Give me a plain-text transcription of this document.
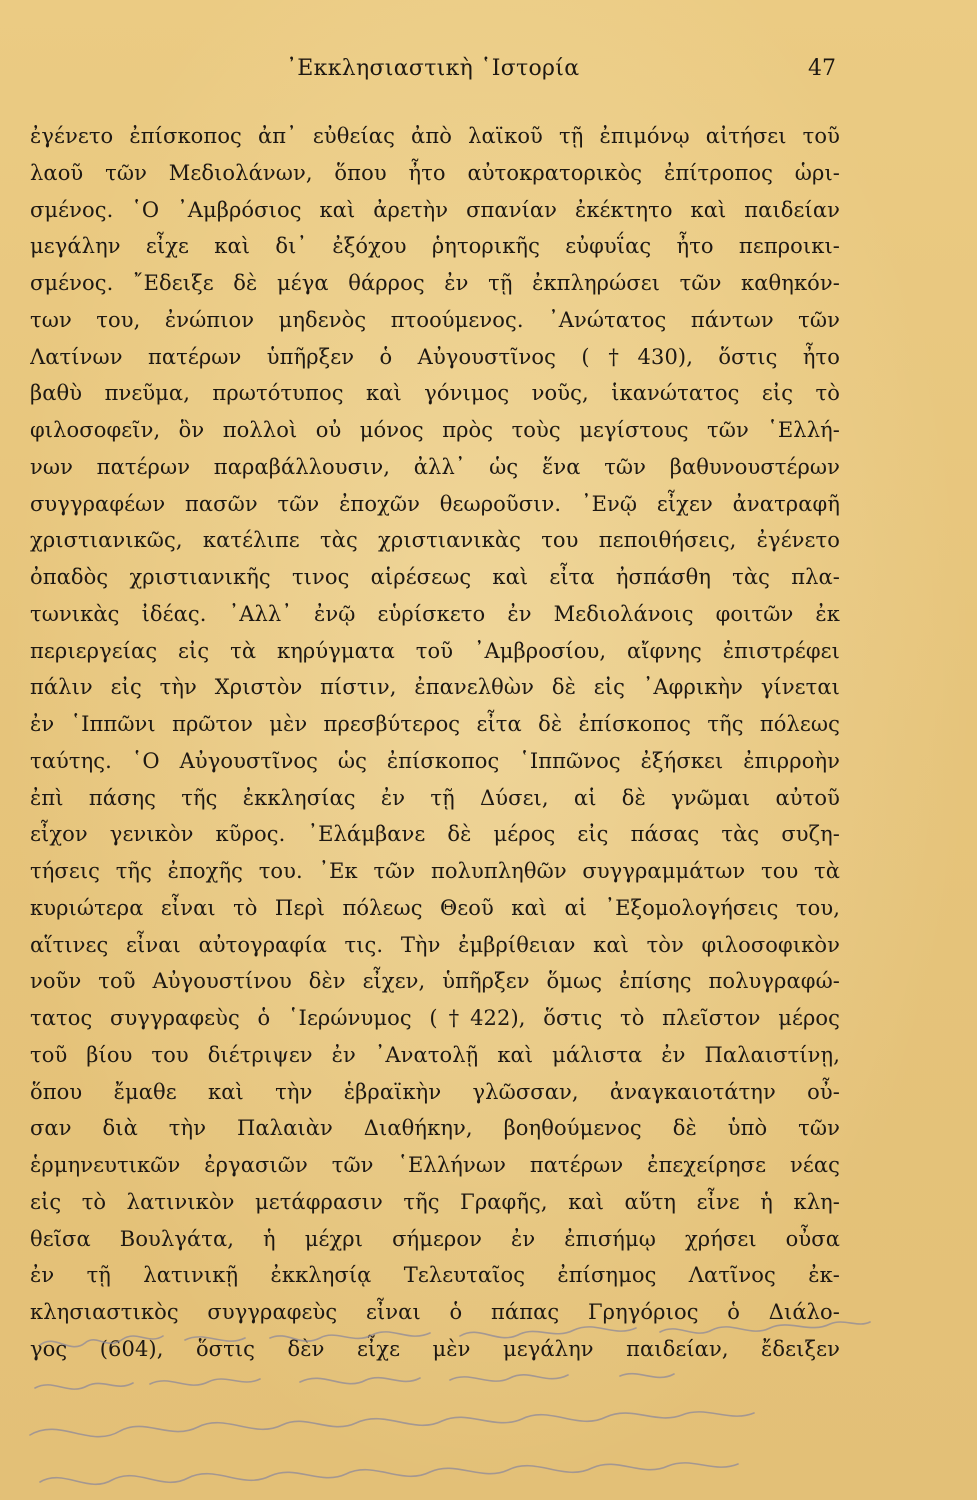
᾿Εκκλησιαστικὴ ῾Ιστορία	47
ἐγένετο ἐπίσκοπος ἀπ᾿ εὐθείας ἀπὸ λαϊκοῦ τῇ ἐπιμόνῳ αἰτήσει τοῦ
λαοῦ τῶν Μεδιολάνων, ὅπου ἦτο αὐτοκρατορικὸς ἐπίτροπος ὡρι-
σμένος. ῾Ο ᾿Αμβρόσιος καὶ ἀρετὴν σπανίαν ἐκέκτητο καὶ παιδείαν
μεγάλην εἶχε καὶ δι᾿ ἐξόχου ῥητορικῆς εὐφυΐας ἦτο πεπροικι-
σμένος. ῎Εδειξε δὲ μέγα θάρρος ἐν τῇ ἐκπληρώσει τῶν καθηκόν-
των του, ἐνώπιον μηδενὸς πτοούμενος. ᾿Ανώτατος πάντων τῶν
Λατίνων πατέρων ὑπῆρξεν ὁ Αὐγουστῖνος (†430), ὅστις ἦτο
βαθὺ πνεῦμα, πρωτότυπος καὶ γόνιμος νοῦς, ἱκανώτατος εἰς τὸ
φιλοσοφεῖν, ὃν πολλοὶ οὐ μόνος πρὸς τοὺς μεγίστους τῶν ῾Ελλή-
νων πατέρων παραβάλλουσιν, ἀλλ᾿ ὡς ἕνα τῶν βαθυνουστέρων
συγγραφέων πασῶν τῶν ἐποχῶν θεωροῦσιν. ᾿Ενῷ εἶχεν ἀνατραφῆ
χριστιανικῶς, κατέλιπε τὰς χριστιανικὰς του πεποιθήσεις, ἐγένετο
ὀπαδὸς χριστιανικῆς τινος αἱρέσεως καὶ εἶτα ἠσπάσθη τὰς πλα-
τωνικὰς ἰδέας. ᾿Αλλ᾿ ἐνῷ εὑρίσκετο ἐν Μεδιολάνοις φοιτῶν ἐκ
περιεργείας εἰς τὰ κηρύγματα τοῦ ᾿Αμβροσίου, αἴφνης ἐπιστρέφει
πάλιν εἰς τὴν Χριστὸν πίστιν, ἐπανελθὼν δὲ εἰς ᾿Αφρικὴν γίνεται
ἐν ῾Ιππῶνι πρῶτον μὲν πρεσβύτερος εἶτα δὲ ἐπίσκοπος τῆς πόλεως
ταύτης. ῾Ο Αὐγουστῖνος ὡς ἐπίσκοπος ῾Ιππῶνος ἐξήσκει ἐπιρροὴν
ἐπὶ πάσης τῆς ἐκκλησίας ἐν τῇ Δύσει, αἱ δὲ γνῶμαι αὐτοῦ
εἶχον γενικὸν κῦρος. ᾿Ελάμβανε δὲ μέρος εἰς πάσας τὰς συζη-
τήσεις τῆς ἐποχῆς του. ᾿Εκ τῶν πολυπληθῶν συγγραμμάτων του τὰ
κυριώτερα εἶναι τὸ Περὶ πόλεως Θεοῦ καὶ αἱ ᾿Εξομολογήσεις του,
αἵτινες εἶναι αὐτογραφία τις. Τὴν ἐμβρίθειαν καὶ τὸν φιλοσοφικὸν
νοῦν τοῦ Αὐγουστίνου δὲν εἶχεν, ὑπῆρξεν ὅμως ἐπίσης πολυγραφώ-
τατος συγγραφεὺς ὁ ῾Ιερώνυμος (†422), ὅστις τὸ πλεῖστον μέρος
τοῦ βίου του διέτριψεν ἐν ᾿Ανατολῇ καὶ μάλιστα ἐν Παλαιστίνῃ,
ὅπου ἔμαθε καὶ τὴν ἑβραϊκὴν γλῶσσαν, ἀναγκαιοτάτην οὖ-
σαν διὰ τὴν Παλαιὰν Διαθήκην, βοηθούμενος δὲ ὑπὸ τῶν
ἑρμηνευτικῶν ἐργασιῶν τῶν ῾Ελλήνων πατέρων ἐπεχείρησε νέας
εἰς τὸ λατινικὸν μετάφρασιν τῆς Γραφῆς, καὶ αὕτη εἶνε ἡ κλη-
θεῖσα Βουλγάτα, ἡ μέχρι σήμερον ἐν ἐπισήμῳ χρήσει οὖσα
ἐν τῇ λατινικῇ ἐκκλησίᾳ Τελευταῖος ἐπίσημος Λατῖνος ἐκ-
κλησιαστικὸς συγγραφεὺς εἶναι ὁ πάπας Γρηγόριος ὁ Διάλο-
γος (604), ὅστις δὲν εἶχε μὲν μεγάλην παιδείαν, ἔδειξεν
